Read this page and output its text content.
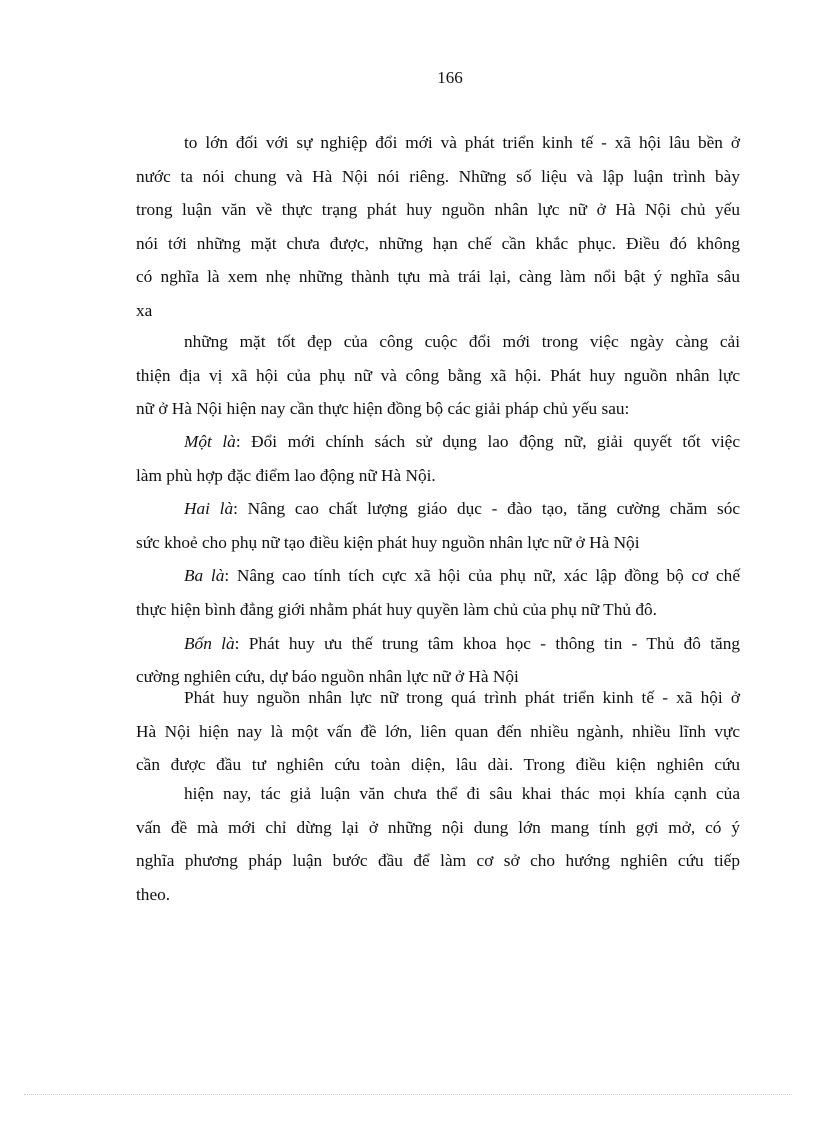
166
to lớn đối với sự nghiệp đổi mới và phát triển kinh tế - xã hội lâu bền ở
nước ta nói chung và Hà Nội nói riêng. Những số liệu và lập luận trình bày
trong luận văn về thực trạng phát huy nguồn nhân lực nữ ở Hà Nội chủ yếu
nói tới những mặt chưa được, những hạn chế cần khắc phục. Điều đó không
có nghĩa là xem nhẹ những thành tựu mà trái lại, càng làm nổi bật ý nghĩa sâu
xa
những mặt tốt đẹp của công cuộc đổi mới trong việc ngày càng cải
thiện địa vị xã hội của phụ nữ và công bằng xã hội. Phát huy nguồn nhân lực
nữ ở Hà Nội hiện nay cần thực hiện đồng bộ các giải pháp chủ yếu sau:
Một là: Đổi mới chính sách sử dụng lao động nữ, giải quyết tốt việc
làm phù hợp đặc điểm lao động nữ Hà Nội.
Hai là: Nâng cao chất lượng giáo dục - đào tạo, tăng cường chăm sóc
sức khoẻ cho phụ nữ tạo điều kiện phát huy nguồn nhân lực nữ ở Hà Nội
Ba là: Nâng cao tính tích cực xã hội của phụ nữ, xác lập đồng bộ cơ chế
thực hiện bình đẳng giới nhằm phát huy quyền làm chủ của phụ nữ Thủ đô.
Bốn là: Phát huy ưu thế trung tâm khoa học - thông tin - Thủ đô tăng
cường nghiên cứu, dự báo nguồn nhân lực nữ ở Hà Nội
Phát huy nguồn nhân lực nữ trong quá trình phát triển kinh tế - xã hội ở
Hà Nội hiện nay là một vấn đề lớn, liên quan đến nhiều ngành, nhiều lĩnh vực
cần được đầu tư nghiên cứu toàn diện, lâu dài. Trong điều kiện nghiên cứu
hiện nay, tác giả luận văn chưa thể đi sâu khai thác mọi khía cạnh của
vấn đề mà mới chỉ dừng lại ở những nội dung lớn mang tính gợi mở, có ý
nghĩa phương pháp luận bước đầu để làm cơ sở cho hướng nghiên cứu tiếp
theo.
